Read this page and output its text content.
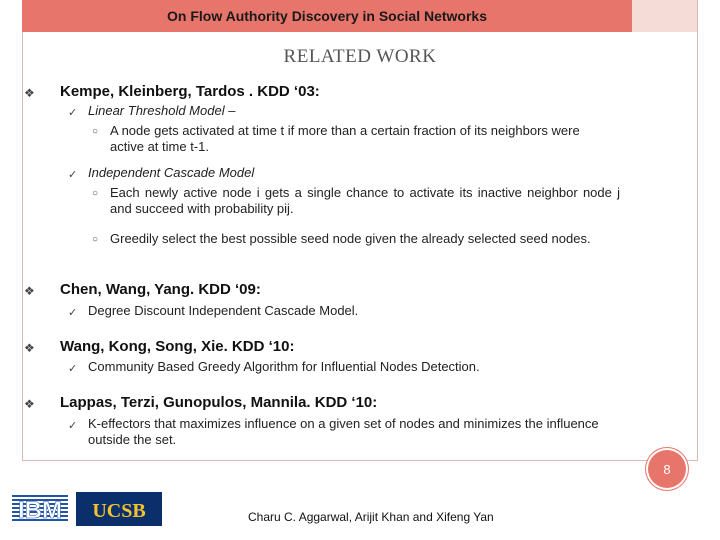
On Flow Authority Discovery in Social Networks
RELATED WORK
❖ Kempe, Kleinberg, Tardos . KDD ‘03:
✓ Linear Threshold Model –
○ A node gets activated at time t if more than a certain fraction of its neighbors were active at time t-1.
✓ Independent Cascade Model
○ Each newly active node i gets a single chance to activate its inactive neighbor node j and succeed with probability pij.
○ Greedily select the best possible seed node given the already selected seed nodes.
❖ Chen, Wang, Yang. KDD ‘09:
✓ Degree Discount Independent Cascade Model.
❖ Wang, Kong, Song, Xie. KDD ‘10:
✓ Community Based Greedy Algorithm for Influential Nodes Detection.
❖ Lappas, Terzi, Gunopulos, Mannila. KDD ‘10:
✓ K-effectors that maximizes influence on a given set of nodes and minimizes the influence outside the set.
8
IBM UCSB	Charu C. Aggarwal, Arijit Khan and Xifeng Yan
